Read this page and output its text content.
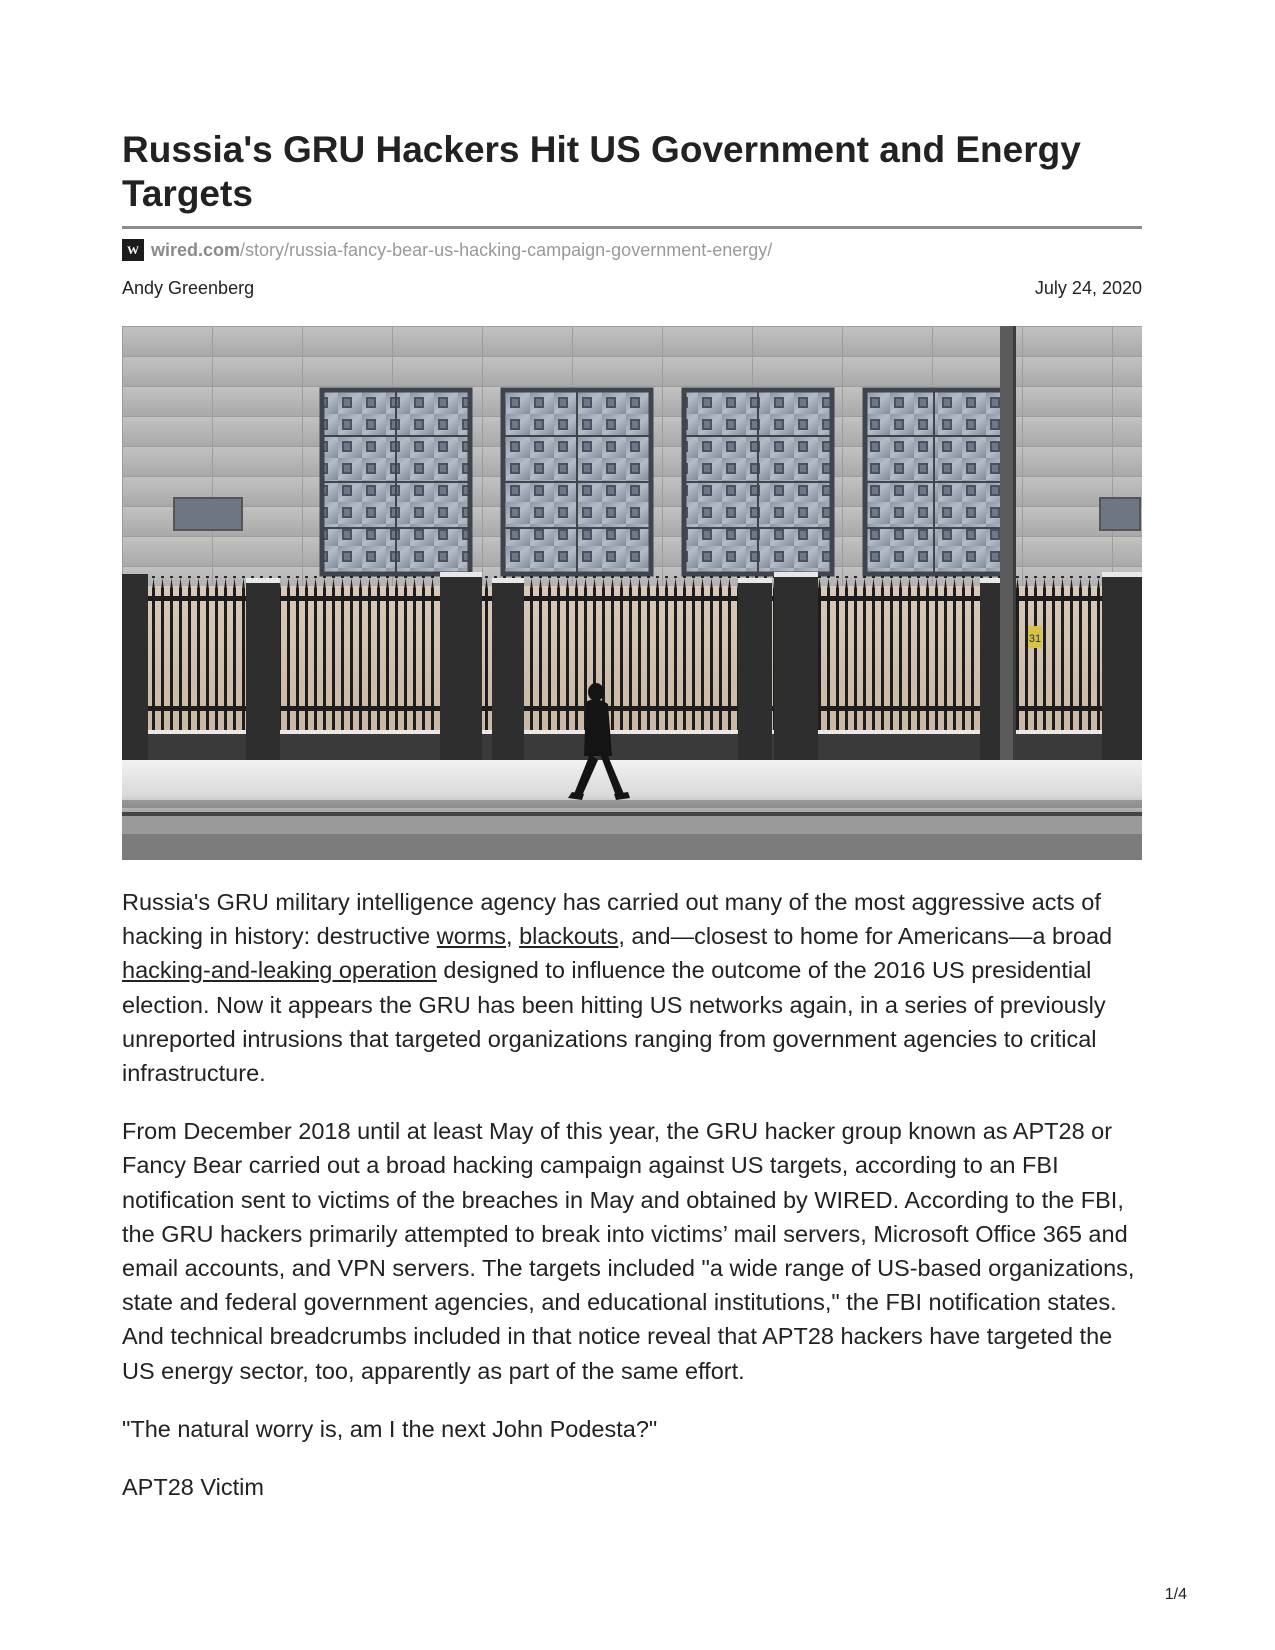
Russia's GRU Hackers Hit US Government and Energy Targets
W wired.com /story/russia-fancy-bear-us-hacking-campaign-government-energy/
Andy Greenberg	July 24, 2020
31

Russia's GRU military intelligence agency has carried out many of the most aggressive acts of hacking in history: destructive worms, blackouts, and—closest to home for Americans—a broad hacking-and-leaking operation designed to influence the outcome of the 2016 US presidential election. Now it appears the GRU has been hitting US networks again, in a series of previously unreported intrusions that targeted organizations ranging from government agencies to critical infrastructure.

From December 2018 until at least May of this year, the GRU hacker group known as APT28 or Fancy Bear carried out a broad hacking campaign against US targets, according to an FBI notification sent to victims of the breaches in May and obtained by WIRED. According to the FBI, the GRU hackers primarily attempted to break into victims’ mail servers, Microsoft Office 365 and email accounts, and VPN servers. The targets included "a wide range of US-based organizations, state and federal government agencies, and educational institutions," the FBI notification states. And technical breadcrumbs included in that notice reveal that APT28 hackers have targeted the US energy sector, too, apparently as part of the same effort.

"The natural worry is, am I the next John Podesta?"

APT28 Victim

1/4
